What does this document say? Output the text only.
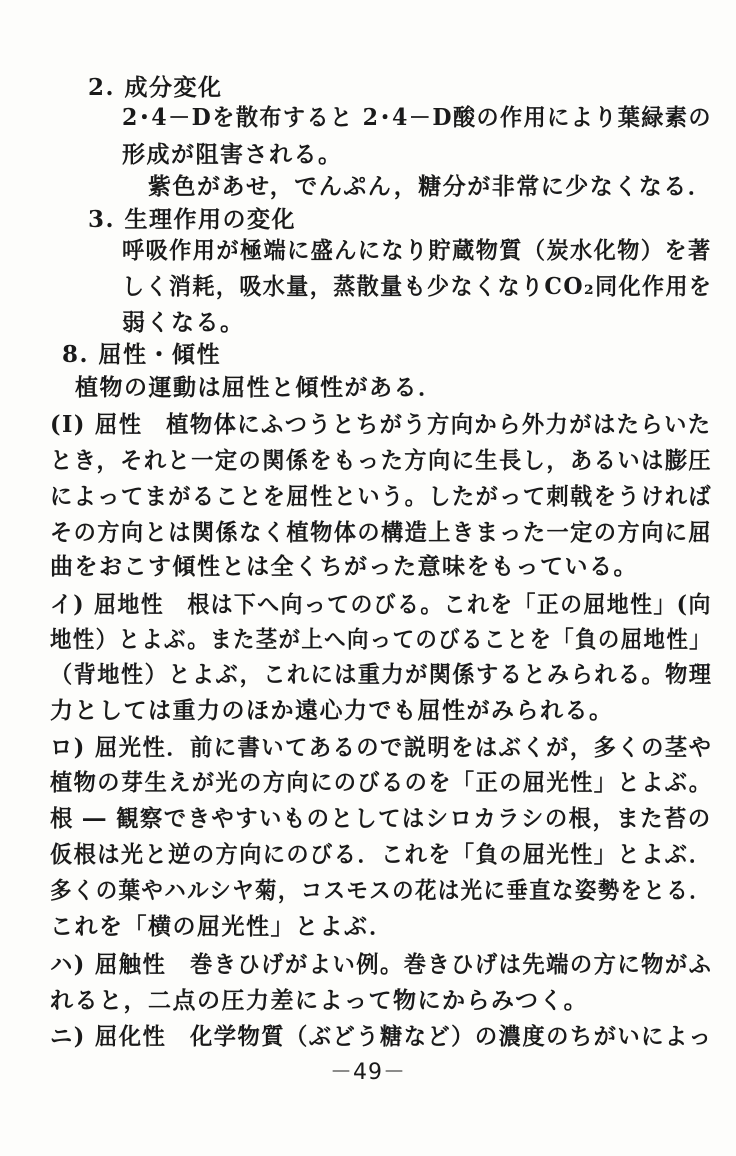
2. 成分変化
2･4－Dを散布すると 2･4－D酸の作用により葉緑素の
形成が阻害される。
紫色があせ，でんぷん，糖分が非常に少なくなる．
3. 生理作用の変化
呼吸作用が極端に盛んになり貯蔵物質（炭水化物）を著
しく消耗，吸水量，蒸散量も少なくなりCO₂同化作用を
弱くなる。
8. 屈性・傾性
植物の運動は屈性と傾性がある．
(I) 屈性　植物体にふつうとちがう方向から外力がはたらいた
とき，それと一定の関係をもった方向に生長し，あるいは膨圧
によってまがることを屈性という。したがって刺戟をうければ
その方向とは関係なく植物体の構造上きまった一定の方向に屈
曲をおこす傾性とは全くちがった意味をもっている。
イ) 屈地性　根は下へ向ってのびる。これを「正の屈地性」(向
地性）とよぶ。また茎が上へ向ってのびることを「負の屈地性」
（背地性）とよぶ，これには重力が関係するとみられる。物理
力としては重力のほか遠心力でも屈性がみられる。
ロ) 屈光性．前に書いてあるので説明をはぶくが，多くの茎や
植物の芽生えが光の方向にのびるのを「正の屈光性」とよぶ。
根 ― 観察できやすいものとしてはシロカラシの根，また苔の
仮根は光と逆の方向にのびる．これを「負の屈光性」とよぶ．
多くの葉やハルシヤ菊，コスモスの花は光に垂直な姿勢をとる．
これを「横の屈光性」とよぶ．
ハ) 屈触性　巻きひげがよい例。巻きひげは先端の方に物がふ
れると，二点の圧力差によって物にからみつく。
ニ) 屈化性　化学物質（ぶどう糖など）の濃度のちがいによっ
－49－
